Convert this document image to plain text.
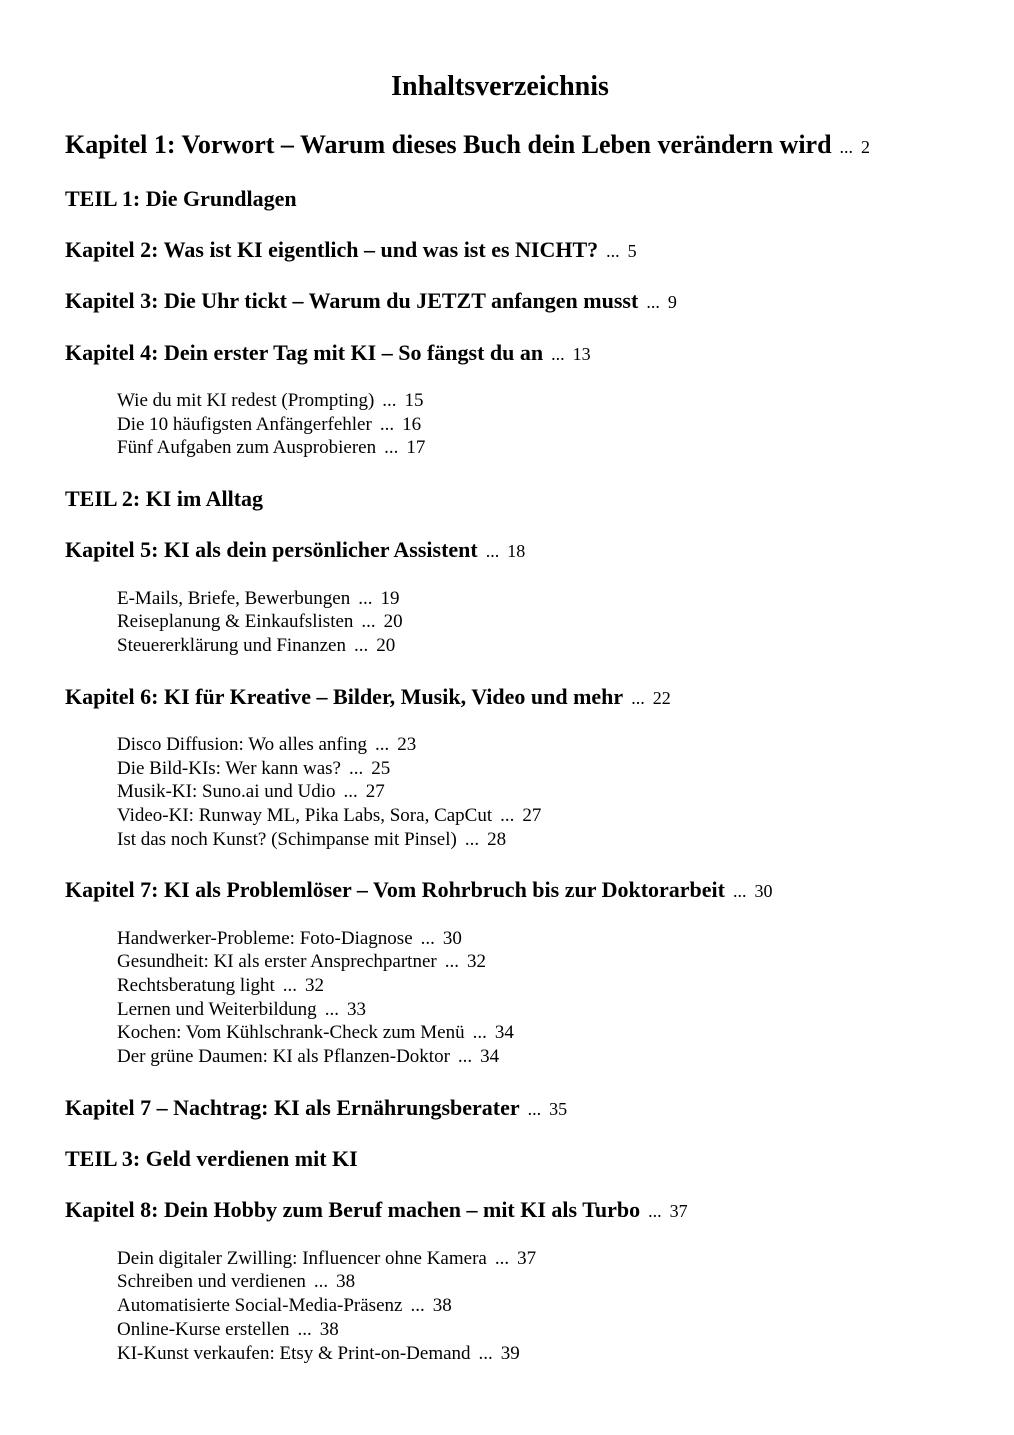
Inhaltsverzeichnis
Kapitel 1: Vorwort – Warum dieses Buch dein Leben verändern wird ... 2
TEIL 1: Die Grundlagen
Kapitel 2: Was ist KI eigentlich – und was ist es NICHT? ... 5
Kapitel 3: Die Uhr tickt – Warum du JETZT anfangen musst ... 9
Kapitel 4: Dein erster Tag mit KI – So fängst du an ... 13
Wie du mit KI redest (Prompting) ... 15
Die 10 häufigsten Anfängerfehler ... 16
Fünf Aufgaben zum Ausprobieren ... 17
TEIL 2: KI im Alltag
Kapitel 5: KI als dein persönlicher Assistent ... 18
E-Mails, Briefe, Bewerbungen ... 19
Reiseplanung & Einkaufslisten ... 20
Steuererklärung und Finanzen ... 20
Kapitel 6: KI für Kreative – Bilder, Musik, Video und mehr ... 22
Disco Diffusion: Wo alles anfing ... 23
Die Bild-KIs: Wer kann was? ... 25
Musik-KI: Suno.ai und Udio ... 27
Video-KI: Runway ML, Pika Labs, Sora, CapCut ... 27
Ist das noch Kunst? (Schimpanse mit Pinsel) ... 28
Kapitel 7: KI als Problemlöser – Vom Rohrbruch bis zur Doktorarbeit ... 30
Handwerker-Probleme: Foto-Diagnose ... 30
Gesundheit: KI als erster Ansprechpartner ... 32
Rechtsberatung light ... 32
Lernen und Weiterbildung ... 33
Kochen: Vom Kühlschrank-Check zum Menü ... 34
Der grüne Daumen: KI als Pflanzen-Doktor ... 34
Kapitel 7 – Nachtrag: KI als Ernährungsberater ... 35
TEIL 3: Geld verdienen mit KI
Kapitel 8: Dein Hobby zum Beruf machen – mit KI als Turbo ... 37
Dein digitaler Zwilling: Influencer ohne Kamera ... 37
Schreiben und verdienen ... 38
Automatisierte Social-Media-Präsenz ... 38
Online-Kurse erstellen ... 38
KI-Kunst verkaufen: Etsy & Print-on-Demand ... 39
